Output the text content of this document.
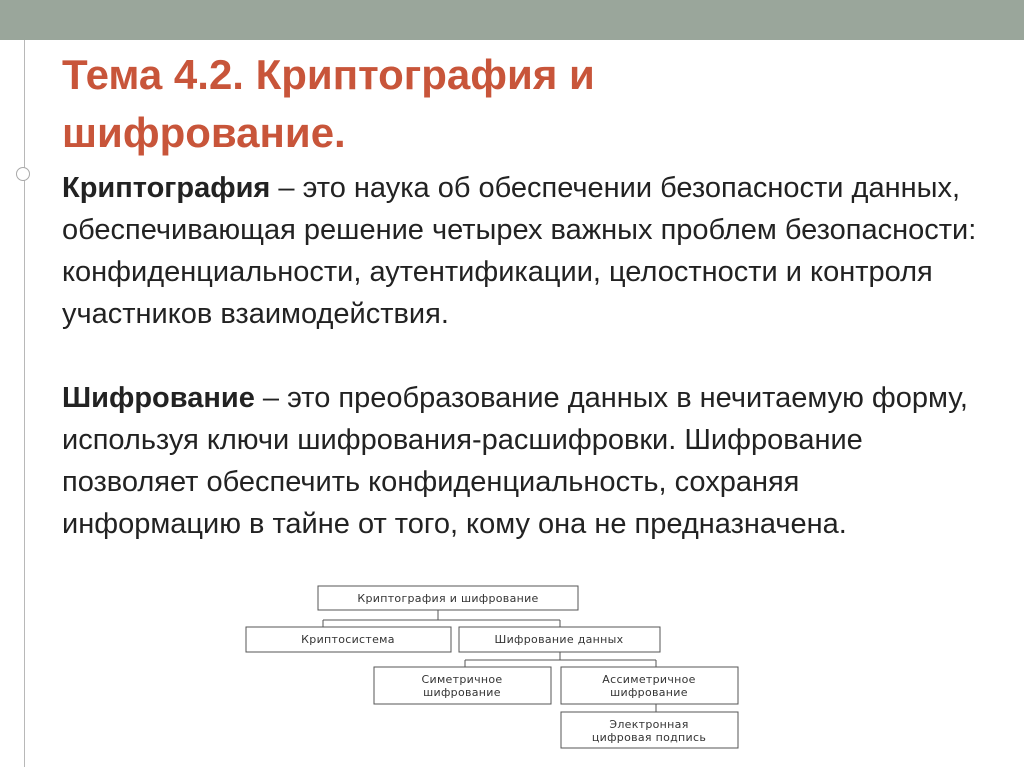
Тема 4.2. Криптография и
шифрование.

Криптография – это наука об обеспечении безопасности данных, обеспечивающая решение четырех важных проблем безопасности: конфиденциальности, аутентификации, целостности и контроля участников взаимодействия.

Шифрование – это преобразование данных в нечитаемую форму, используя ключи шифрования-расшифровки. Шифрование позволяет обеспечить конфиденциальность, сохраняя информацию в тайне от того, кому она не предназначена.

Криптография и шифрование
Криптосистема	Шифрование данных
Симетричное
шифрование
Ассиметричное
шифрование
Электронная
цифровая подпись
